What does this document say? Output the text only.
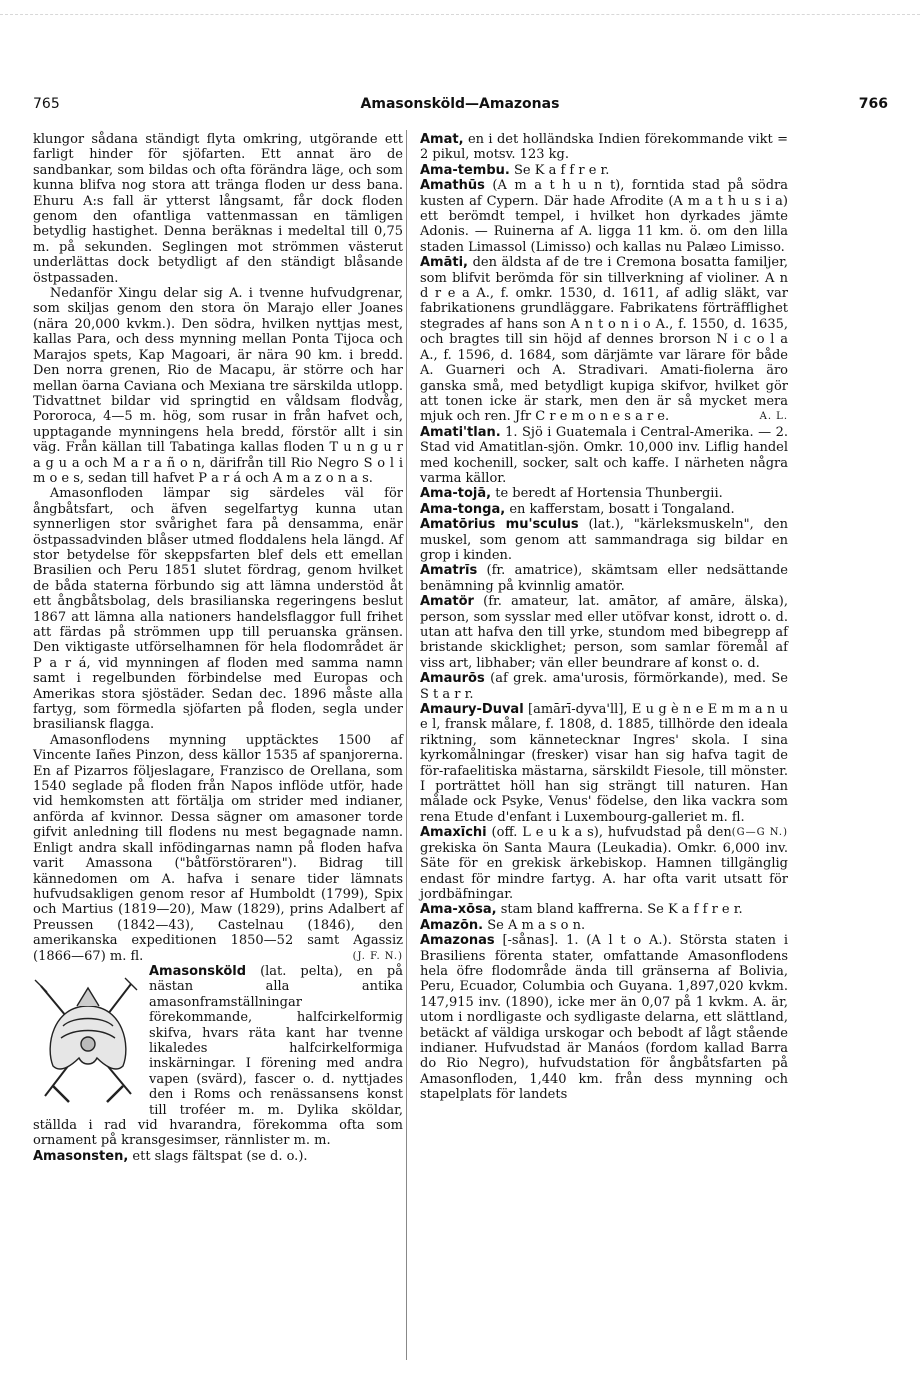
765	Amasonsköld—Amazonas	766

klungor sådana ständigt flyta omkring, utgörande ett farligt hinder för sjöfarten. Ett annat äro de sandbankar, som bildas och ofta förändra läge, och som kunna blifva nog stora att tränga floden ur dess bana. Ehuru A:s fall är ytterst långsamt, får dock floden genom den ofantliga vattenmassan en tämligen betydlig hastighet. Denna beräknas i medeltal till 0,75 m. på sekunden. Seglingen mot strömmen västerut underlättas dock betydligt af den ständigt blåsande östpassaden.

Nedanför Xingu delar sig A. i tvenne hufvudgrenar, som skiljas genom den stora ön Marajo eller Joanes (nära 20,000 kvkm.). Den södra, hvilken nyttjas mest, kallas Para, och dess mynning mellan Ponta Tijoca och Marajos spets, Kap Magoari, är nära 90 km. i bredd. Den norra grenen, Rio de Macapu, är större och har mellan öarna Caviana och Mexiana tre särskilda utlopp. Tidvattnet bildar vid springtid en våldsam flodvåg, Pororoca, 4—5 m. hög, som rusar in från hafvet och, upptagande mynningens hela bredd, förstör allt i sin väg. Från källan till Tabatinga kallas floden T u n g u r a g u a och M a r a ñ o n, därifrån till Rio Negro S o l i m o e s, sedan till hafvet P a r á och A m a z o n a s.

Amasonfloden lämpar sig särdeles väl för ångbåtsfart, och äfven segelfartyg kunna utan synnerligen stor svårighet fara på densamma, enär östpassadvinden blåser utmed floddalens hela längd. Af stor betydelse för skeppsfarten blef dels ett emellan Brasilien och Peru 1851 slutet fördrag, genom hvilket de båda staterna förbundo sig att lämna understöd åt ett ångbåtsbolag, dels brasilianska regeringens beslut 1867 att lämna alla nationers handelsflaggor full frihet att färdas på strömmen upp till peruanska gränsen. Den viktigaste utförselhamnen för hela flodområdet är P a r á, vid mynningen af floden med samma namn samt i regelbunden förbindelse med Europas och Amerikas stora sjöstäder. Sedan dec. 1896 måste alla fartyg, som förmedla sjöfarten på floden, segla under brasiliansk flagga.

Amasonflodens mynning upptäcktes 1500 af Vincente Iañes Pinzon, dess källor 1535 af spanjorerna. En af Pizarros följeslagare, Franzisco de Orellana, som 1540 seglade på floden från Napos inflöde utför, hade vid hemkomsten att förtälja om strider med indianer, anförda af kvinnor. Dessa sägner om amasoner torde gifvit anledning till flodens nu mest begagnade namn. Enligt andra skall infödingarnas namn på floden hafva varit Amassona ("båtförstöraren"). Bidrag till kännedomen om A. hafva i senare tider lämnats hufvudsakligen genom resor af Humboldt (1799), Spix och Martius (1819—20), Maw (1829), prins Adalbert af Preussen (1842—43), Castelnau (1846), den amerikanska expeditionen 1850—52 samt Agassiz (1866—67) m. fl.	(J. F. N.)

Amasonsköld (lat. pelta), en på nästan alla antika amasonframställningar förekommande, halfcirkelformig skifva, hvars räta kant har tvenne likaledes halfcirkelformiga inskärningar. I förening med andra vapen (svärd), fascer o. d. nyttjades den i Roms och renässansens konst till troféer m. m. Dylika sköldar, ställda i rad vid hvarandra, förekomma ofta som ornament på kransgesimser, rännlister m. m.

Amasonsten, ett slags fältspat (se d. o.).

Amat, en i det holländska Indien förekommande vikt = 2 pikul, motsv. 123 kg.

Ama-tembu. Se K a f f r e r.

Amathūs (A m a t h u n t), forntida stad på södra kusten af Cypern. Där hade Afrodite (A m a t h u s i a) ett berömdt tempel, i hvilket hon dyrkades jämte Adonis. — Ruinerna af A. ligga 11 km. ö. om den lilla staden Limassol (Limisso) och kallas nu Palæo Limisso.

Amāti, den äldsta af de tre i Cremona bosatta familjer, som blifvit berömda för sin tillverkning af violiner. A n d r e a A., f. omkr. 1530, d. 1611, af adlig släkt, var fabrikationens grundläggare. Fabrikatens förträfflighet stegrades af hans son A n t o n i o A., f. 1550, d. 1635, och bragtes till sin höjd af dennes brorson N i c o l a A., f. 1596, d. 1684, som därjämte var lärare för både A. Guarneri och A. Stradivari. Amati-fiolerna äro ganska små, med betydligt kupiga skifvor, hvilket gör att tonen icke är stark, men den är så mycket mera mjuk och ren. Jfr C r e m o n e s a r e.	A. L.

Amati'tlan. 1. Sjö i Guatemala i Central-Amerika. — 2. Stad vid Amatitlan-sjön. Omkr. 10,000 inv. Liflig handel med kochenill, socker, salt och kaffe. I närheten några varma källor.

Ama-tojā, te beredt af Hortensia Thunbergii.

Ama-tonga, en kafferstam, bosatt i Tongaland.

Amatōrius mu'sculus (lat.), "kärleksmuskeln", den muskel, som genom att sammandraga sig bildar en grop i kinden.

Amatrīs (fr. amatrice), skämtsam eller nedsättande benämning på kvinnlig amatör.

Amatör (fr. amateur, lat. amātor, af amāre, älska), person, som sysslar med eller utöfvar konst, idrott o. d. utan att hafva den till yrke, stundom med bibegrepp af bristande skicklighet; person, som samlar föremål af viss art, libhaber; vän eller beundrare af konst o. d.

Amaurōs (af grek. ama'urosis, förmörkande), med. Se S t a r r.

Amaury-Duval [amārī-dyva'll], E u g è n e E m m a n u e l, fransk målare, f. 1808, d. 1885, tillhörde den ideala riktning, som kännetecknar Ingres' skola. I sina kyrkomålningar (fresker) visar han sig hafva tagit de för-rafaelitiska mästarna, särskildt Fiesole, till mönster. I porträttet höll han sig strängt till naturen. Han målade ock Psyke, Venus' födelse, den lika vackra som rena Etude d'enfant i Luxembourg-galleriet m. fl.
(G—G N.)

Amaxīchi (off. L e u k a s), hufvudstad på den grekiska ön Santa Maura (Leukadia). Omkr. 6,000 inv. Säte för en grekisk ärkebiskop. Hamnen tillgänglig endast för mindre fartyg. A. har ofta varit utsatt för jordbäfningar.

Ama-xōsa, stam bland kaffrerna. Se K a f f r e r.

Amazōn. Se A m a s o n.

Amazonas [-sånas]. 1. (A l t o A.). Största staten i Brasiliens förenta stater, omfattande Amasonflodens hela öfre flodområde ända till gränserna af Bolivia, Peru, Ecuador, Columbia och Guyana. 1,897,020 kvkm. 147,915 inv. (1890), icke mer än 0,07 på 1 kvkm. A. är, utom i nordligaste och sydligaste delarna, ett slättland, betäckt af väldiga urskogar och bebodt af lågt stående indianer. Hufvudstad är Manáos (fordom kallad Barra do Rio Negro), hufvudstation för ångbåtsfarten på Amasonfloden, 1,440 km. från dess mynning och stapelplats för landets
